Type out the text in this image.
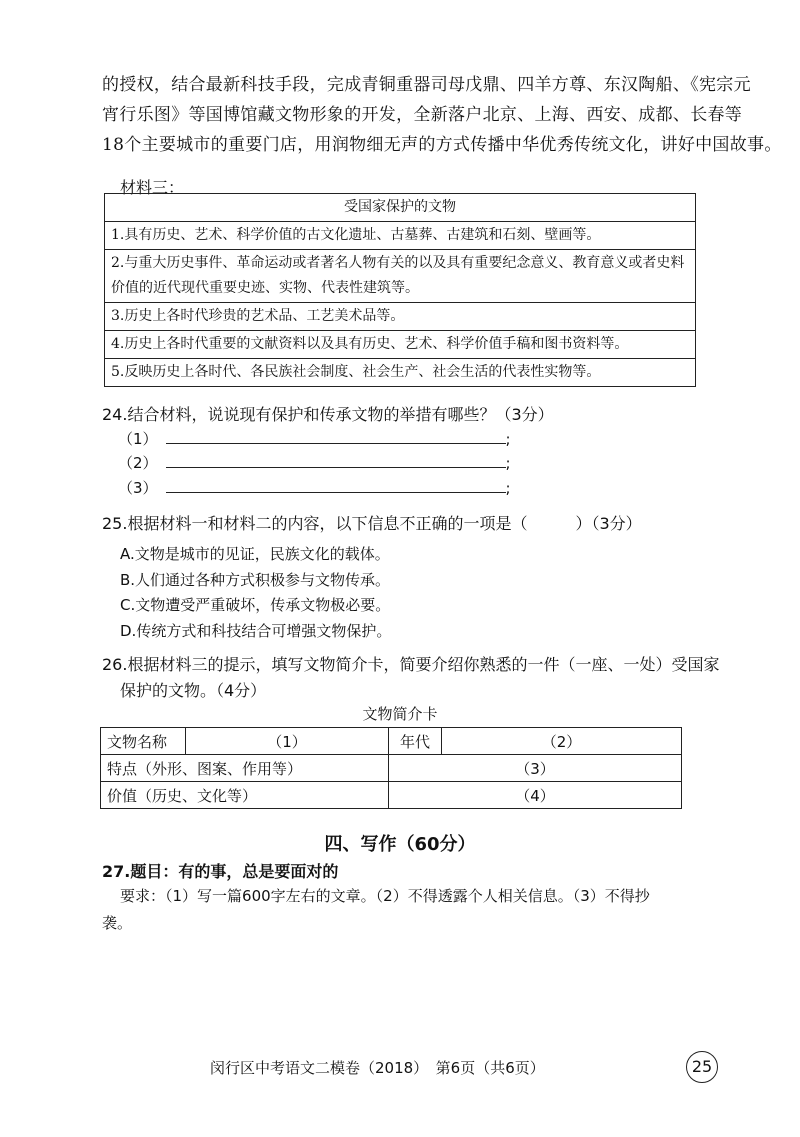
的授权，结合最新科技手段，完成青铜重器司母戊鼎、四羊方尊、东汉陶船、《宪宗元
宵行乐图》等国博馆藏文物形象的开发，全新落户北京、上海、西安、成都、长春等
18个主要城市的重要门店，用润物细无声的方式传播中华优秀传统文化，讲好中国故事。
材料三：
受国家保护的文物
1.具有历史、艺术、科学价值的古文化遗址、古墓葬、古建筑和石刻、壁画等。
2.与重大历史事件、革命运动或者著名人物有关的以及具有重要纪念意义、教育意义或者史料价值的近代现代重要史迹、实物、代表性建筑等。
3.历史上各时代珍贵的艺术品、工艺美术品等。
4.历史上各时代重要的文献资料以及具有历史、艺术、科学价值手稿和图书资料等。
5.反映历史上各时代、各民族社会制度、社会生产、社会生活的代表性实物等。
24.结合材料，说说现有保护和传承文物的举措有哪些？（3分）
（1）	;
（2）	;
（3）	;
25.根据材料一和材料二的内容，以下信息不正确的一项是（　　　）（3分）
A.文物是城市的见证，民族文化的载体。
B.人们通过各种方式积极参与文物传承。
C.文物遭受严重破坏，传承文物极必要。
D.传统方式和科技结合可增强文物保护。
26.根据材料三的提示，填写文物简介卡，简要介绍你熟悉的一件（一座、一处）受国家
保护的文物。（4分）
文物简介卡
文物名称	（1）	年代	（2）
特点（外形、图案、作用等）		（3）	
价值（历史、文化等）		（4）	
四、写作（60分）
27.题目：有的事，总是要面对的
要求：（1）写一篇600字左右的文章。（2）不得透露个人相关信息。（3）不得抄
袭。
闵行区中考语文二模卷（2018）　第6页（共6页）	25
